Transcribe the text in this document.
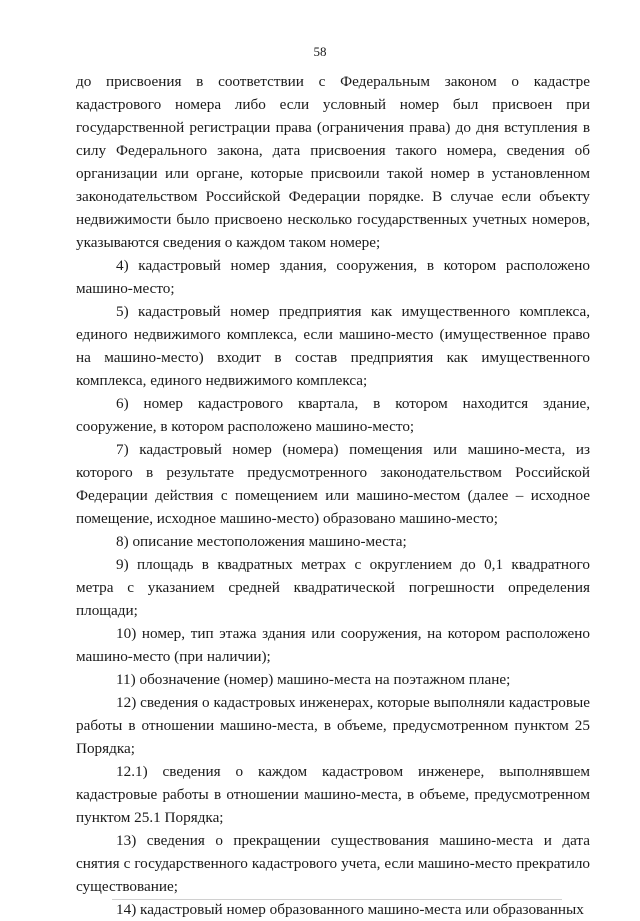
58

до присвоения в соответствии с Федеральным законом о кадастре кадастрового номера либо если условный номер был присвоен при государственной регистрации права (ограничения права) до дня вступления в силу Федерального закона, дата присвоения такого номера, сведения об организации или органе, которые присвоили такой номер в установленном законодательством Российской Федерации порядке. В случае если объекту недвижимости было присвоено несколько государственных учетных номеров, указываются сведения о каждом таком номере;

4) кадастровый номер здания, сооружения, в котором расположено машино-место;

5) кадастровый номер предприятия как имущественного комплекса, единого недвижимого комплекса, если машино-место (имущественное право на машино-место) входит в состав предприятия как имущественного комплекса, единого недвижимого комплекса;

6) номер кадастрового квартала, в котором находится здание, сооружение, в котором расположено машино-место;

7) кадастровый номер (номера) помещения или машино-места, из которого в результате предусмотренного законодательством Российской Федерации действия с помещением или машино-местом (далее – исходное помещение, исходное машино-место) образовано машино-место;

8) описание местоположения машино-места;

9) площадь в квадратных метрах с округлением до 0,1 квадратного метра с указанием средней квадратической погрешности определения площади;

10) номер, тип этажа здания или сооружения, на котором расположено машино-место (при наличии);

11) обозначение (номер) машино-места на поэтажном плане;

12) сведения о кадастровых инженерах, которые выполняли кадастровые работы в отношении машино-места, в объеме, предусмотренном пунктом 25 Порядка;

12.1) сведения о каждом кадастровом инженере, выполнявшем кадастровые работы в отношении машино-места, в объеме, предусмотренном пунктом 25.1 Порядка;

13) сведения о прекращении существования машино-места и дата снятия с государственного кадастрового учета, если машино-место прекратило существование;

14) кадастровый номер образованного машино-места или образованных
